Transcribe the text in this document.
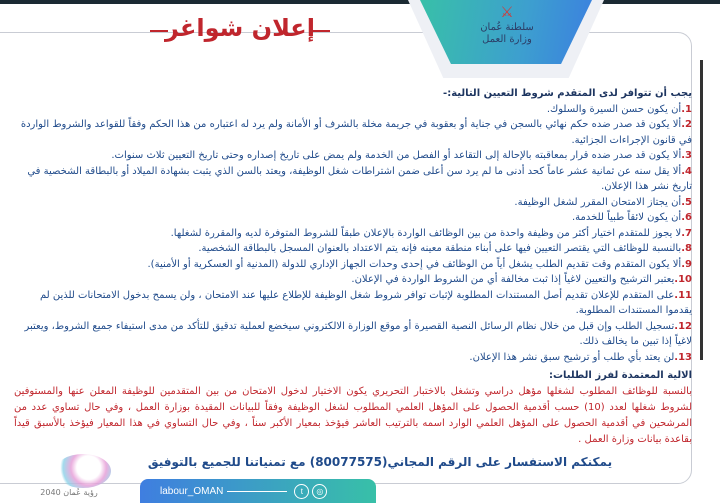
⚔
سلطنة عُمان
وزارة العمل
إعلان شواغر

يجب أن تتوافر لدى المتقدم شروط التعيين التالية:-

1.أن يكون حسن السيرة والسلوك.

2.ألا يكون قد صدر ضده حكم نهائي بالسجن في جناية أو بعقوبة في جريمة مخلة بالشرف أو الأمانة ولم يرد له اعتباره من هذا الحكم وفقاً للقواعد والشروط الواردة في قانون الإجراءات الجزائية.

3.ألا يكون قد صدر ضده قرار بمعاقبته بالإحالة إلى التقاعد أو الفصل من الخدمة ولم يمض على تاريخ إصداره وحتى تاريخ التعيين ثلاث سنوات.

4.ألا يقل سنه عن ثمانية عشر عاماً كحد أدنى ما لم يرد سن أعلى ضمن اشتراطات شغل الوظيفة، ويعتد بالسن الذي يثبت بشهادة الميلاد أو بالبطاقة الشخصية في تاريخ نشر هذا الإعلان.

5.أن يجتاز الامتحان المقرر لشغل الوظيفة.

6.أن يكون لائقاً طبياً للخدمة.

7.لا يجوز للمتقدم اختيار أكثر من وظيفة واحدة من بين الوظائف الواردة بالإعلان طبقاً للشروط المتوفرة لديه والمقررة لشغلها.

8.بالنسبة للوظائف التي يقتصر التعيين فيها على أبناء منطقة معينه فإنه يتم الاعتداد بالعنوان المسجل بالبطاقة الشخصية.

9.ألا يكون المتقدم وقت تقديم الطلب يشغل أياً من الوظائف في إحدى وحدات الجهاز الإداري للدولة (المدنية أو العسكرية أو الأمنية).

10.يعتبر الترشيح والتعيين لاغياً إذا ثبت مخالفة أي من الشروط الواردة في الإعلان.

11.على المتقدم للإعلان تقديم أصل المستندات المطلوبة لإثبات توافر شروط شغل الوظيفة للإطلاع عليها عند الامتحان ، ولن يسمح بدخول الامتحانات للذين لم يقدموا المستندات المطلوبة.

12.تسجيل الطلب وإن قبل من خلال نظام الرسائل النصية القصيرة أو موقع الوزارة الالكتروني سيخضع لعملية تدقيق للتأكد من مدى استيفاء جميع الشروط، ويعتبر لاغياً إذا تبين ما يخالف ذلك.

13.لن يعتد بأي طلب أو ترشيح سبق نشر هذا الإعلان.

الالية المعتمدة لفرز الطلبات:
بالنسبة للوظائف المطلوب لشغلها مؤهل دراسي وتشغل بالاختبار التحريري يكون الاختيار لدخول الامتحان من بين المتقدمين للوظيفة المعلن عنها والمستوفين لشروط شغلها لعدد (10) حسب أقدمية الحصول على المؤهل العلمي المطلوب لشغل الوظيفة وفقاً للبيانات المقيدة بوزارة العمل ، وفي حال تساوي عدد من المرشحين في أقدمية الحصول على المؤهل العلمي الوارد اسمه بالترتيب العاشر فيؤخذ بمعيار الأكبر سناً ، وفي حال التساوي في هذا المعيار فيؤخذ بالأسبق قيداً بقاعدة بيانات وزارة العمل .
يمكنكم الاستفسار على الرقم المجاني(80077575) مع تمنياتنا للجميع بالتوفيق
رؤية عُمان 2040	labour_OMAN	t	◎
